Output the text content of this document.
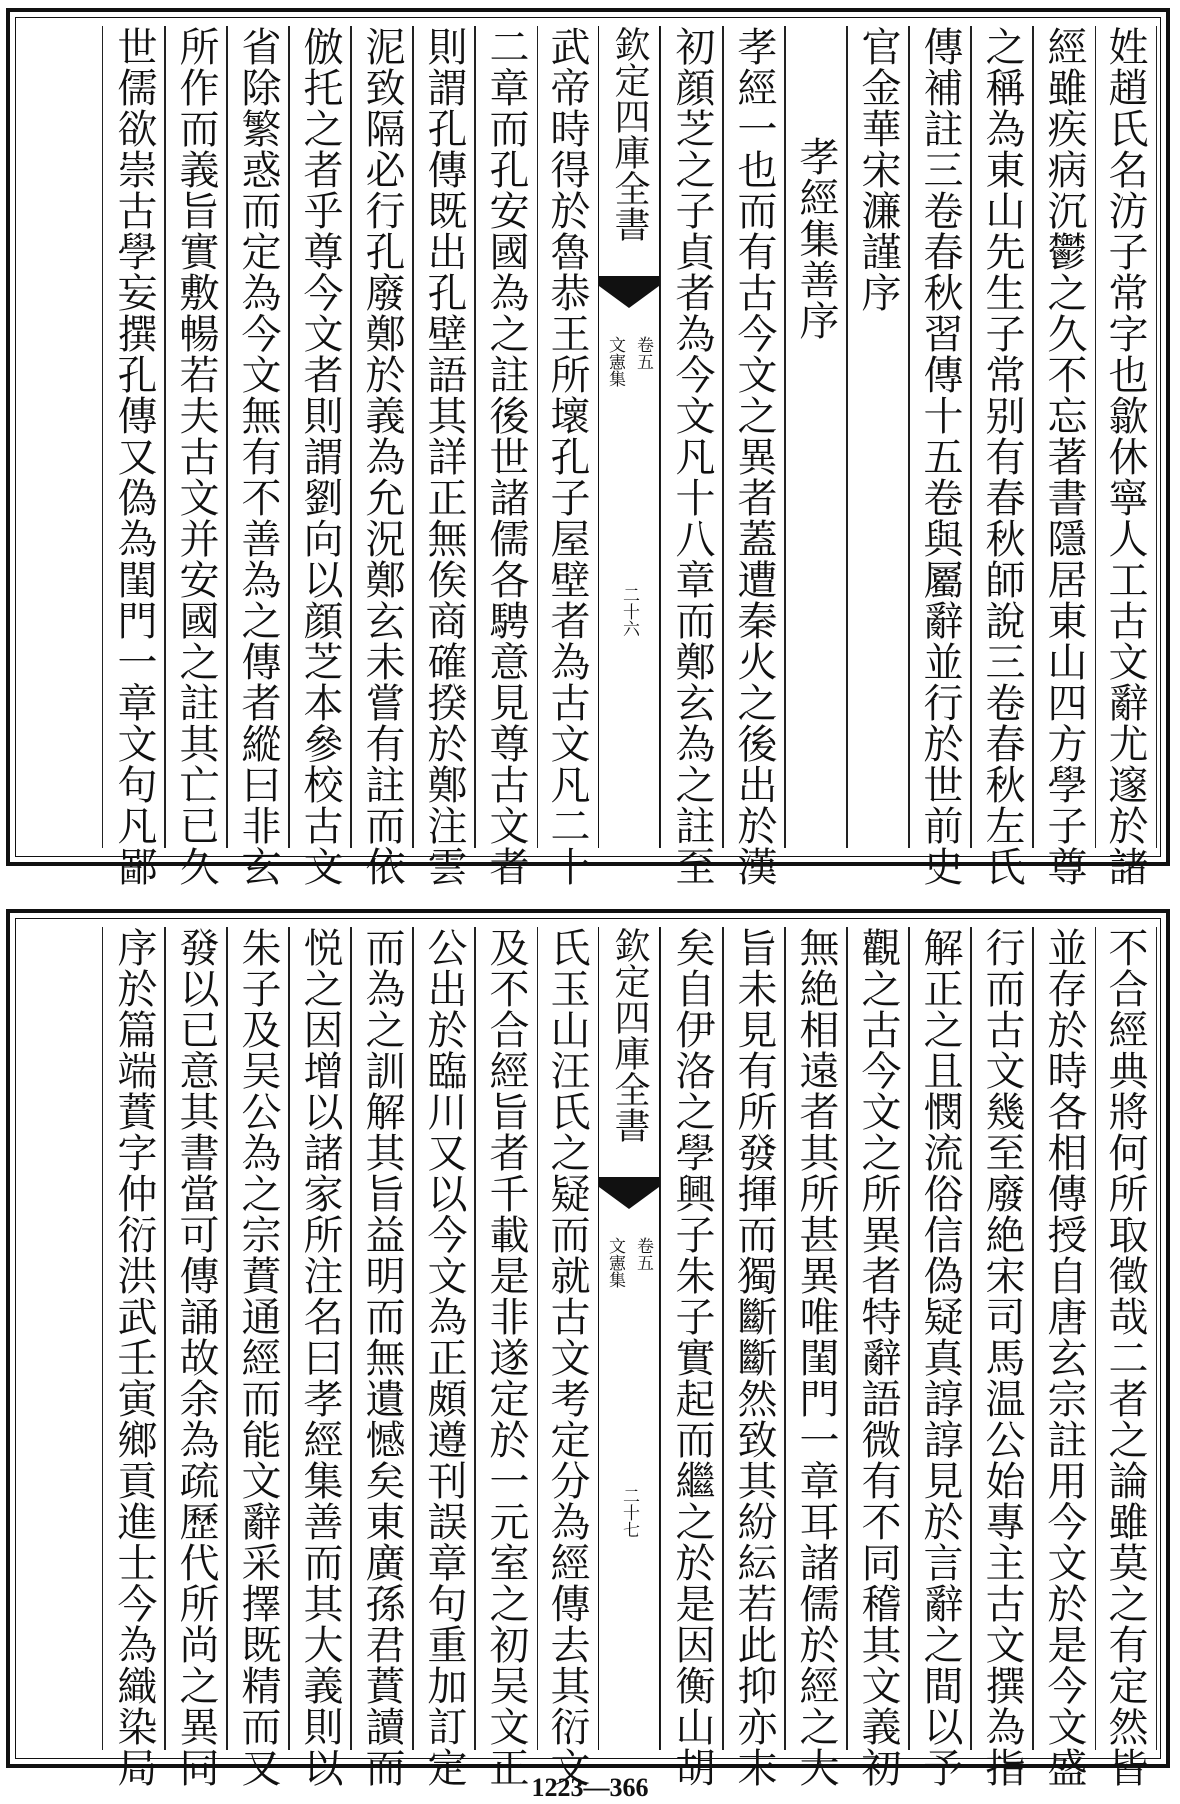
姓趙氏名汸子常字也歙休寧人工古文辭尤邃於諸
經雖疾病沉鬱之久不忘著書隱居東山四方學子尊
之稱為東山先生子常别有春秋師說三卷春秋左氏
傳補註三卷春秋習傳十五卷與屬辭並行於世前史
官金華宋濂謹序
孝經集善序
孝經一也而有古今文之異者蓋遭秦火之後出於漢
初顔芝之子貞者為今文凡十八章而鄭玄為之註至
武帝時得於魯恭王所壞孔子屋壁者為古文凡二十
二章而孔安國為之註後世諸儒各騁意見尊古文者
則謂孔傳既出孔壁語其詳正無俟商確揆於鄭注雲
泥致隔必行孔廢鄭於義為允況鄭玄未嘗有註而依
倣托之者乎尊今文者則謂劉向以顔芝本參校古文
省除繁惑而定為今文無有不善為之傳者縱曰非玄
所作而義旨實敷暢若夫古文并安國之註其亡已久
世儒欲崇古學妄撰孔傳又偽為閨門一章文句凡鄙	欽定四庫全書
文憲集 卷五
二十六
不合經典將何所取徵哉二者之論雖莫之有定然皆
並存於時各相傳授自唐玄宗註用今文於是今文盛
行而古文幾至廢絶宋司馬温公始專主古文撰為指
解正之且憫流俗信偽疑真諄諄見於言辭之間以予
觀之古今文之所異者特辭語微有不同稽其文義初
無絶相遠者其所甚異唯閨門一章耳諸儒於經之大
旨未見有所發揮而獨斷斷然致其紛紜若此抑亦末
矣自伊洛之學興子朱子實起而繼之於是因衡山胡
氏玉山汪氏之疑而就古文考定分為經傳去其衍文
及不合經旨者千載是非遂定於一元室之初吴文正
公出於臨川又以今文為正頗遵刊誤章句重加訂定
而為之訓解其旨益明而無遺憾矣東廣孫君蕡讀而
悦之因增以諸家所注名曰孝經集善而其大義則以
朱子及吴公為之宗蕡通經而能文辭采擇既精而又
發以已意其書當可傳誦故余為疏歷代所尚之異同
序於篇端蕡字仲衍洪武壬寅鄉貢進士今為織染局	欽定四庫全書
文憲集 卷五
二十七
1223—366
